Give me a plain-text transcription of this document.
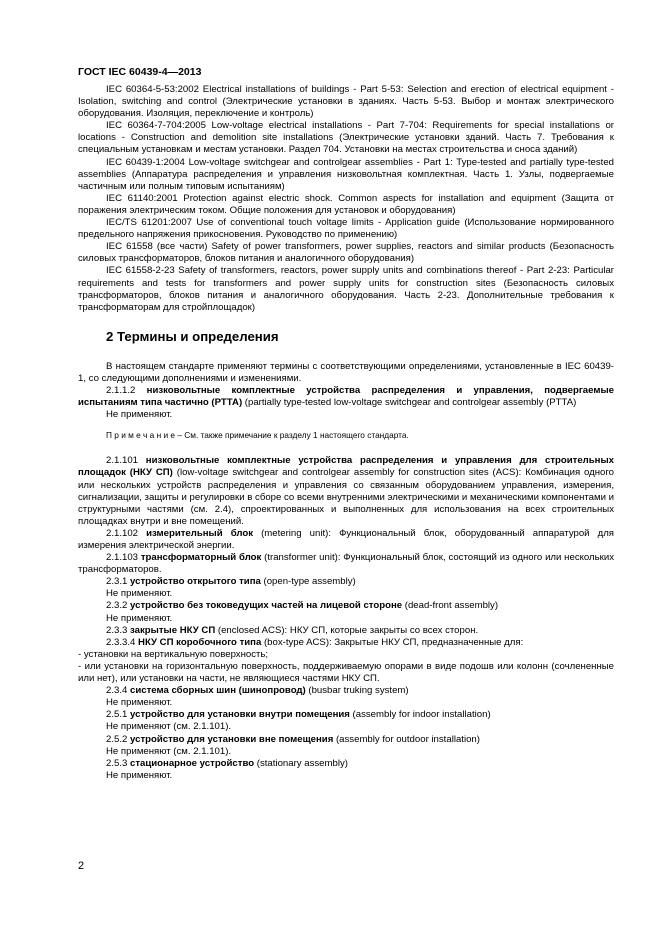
ГОСТ IEC 60439-4—2013

IEC 60364-5-53:2002 Electrical installations of buildings - Part 5-53: Selection and erection of electrical equipment - Isolation, switching and control (Электрические установки в зданиях. Часть 5-53. Выбор и монтаж электрического оборудования. Изоляция, переключение и контроль)

IEC 60364-7-704:2005 Low-voltage electrical installations - Part 7-704: Requirements for special installations or locations - Construction and demolition site installations (Электрические установки зданий. Часть 7. Требования к специальным установкам и местам установки. Раздел 704. Установки на местах строительства и сноса зданий)

IEC 60439-1:2004 Low-voltage switchgear and controlgear assemblies - Part 1: Type-tested and partially type-tested assemblies (Аппаратура распределения и управления низковольтная комплектная. Часть 1. Узлы, подвергаемые частичным или полным типовым испытаниям)

IEC 61140:2001 Protection against electric shock. Common aspects for installation and equipment (Защита от поражения электрическим током. Общие положения для установок и оборудования)

IEC/TS 61201:2007 Use of conventional touch voltage limits - Application guide (Использование нормированного предельного напряжения прикосновения. Руководство по применению)

IEC 61558 (все части) Safety of power transformers, power supplies, reactors and similar products (Безопасность силовых трансформаторов, блоков питания и аналогичного оборудования)

IEC 61558-2-23 Safety of transformers, reactors, power supply units and combinations thereof - Part 2-23: Particular requirements and tests for transformers and power supply units for construction sites (Безопасность силовых трансформаторов, блоков питания и аналогичного оборудования. Часть 2-23. Дополнительные требования к трансформаторам для стройплощадок)

2 Термины и определения

В настоящем стандарте применяют термины с соответствующими определениями, установленные в IEC 60439-1, со следующими дополнениями и изменениями.

2.1.1.2 низковольтные комплектные устройства распределения и управления, подвергаемые испытаниям типа частично (РТТА) (partially type-tested low-voltage switchgear and controlgear assembly (PTTA)

Не применяют.

П р и м е ч а н и е – См. также примечание к разделу 1 настоящего стандарта.

2.1.101 низковольтные комплектные устройства распределения и управления для строительных площадок (НКУ СП) (low-voltage switchgear and controlgear assembly for construction sites (ACS): Комбинация одного или нескольких устройств распределения и управления со связанным оборудованием управления, измерения, сигнализации, защиты и регулировки в сборе со всеми внутренними электрическими и механическими компонентами и структурными частями (см. 2.4), спроектированных и выполненных для использования на всех строительных площадках внутри и вне помещений.

2.1.102 измерительный блок (metering unit): Функциональный блок, оборудованный аппаратурой для измерения электрической энергии.

2.1.103 трансформаторный блок (transformer unit): Функциональный блок, состоящий из одного или нескольких трансформаторов.

2.3.1 устройство открытого типа (open-type assembly)

Не применяют.

2.3.2 устройство без токоведущих частей на лицевой стороне (dead-front assembly)

Не применяют.

2.3.3 закрытые НКУ СП (enclosed ACS): НКУ СП, которые закрыты со всех сторон.

2.3.3.4 НКУ СП коробочного типа (box-type ACS): Закрытые НКУ СП, предназначенные для:

- установки на вертикальную поверхность;

- или установки на горизонтальную поверхность, поддерживаемую опорами в виде подошв или колонн (сочлененные или нет), или установки на части, не являющиеся частями НКУ СП.

2.3.4 система сборных шин (шинопровод) (busbar truking system)

Не применяют.

2.5.1 устройство для установки внутри помещения (assembly for indoor installation)

Не применяют (см. 2.1.101).

2.5.2 устройство для установки вне помещения (assembly for outdoor installation)

Не применяют (см. 2.1.101).

2.5.3 стационарное устройство (stationary assembly)

Не применяют.

2
